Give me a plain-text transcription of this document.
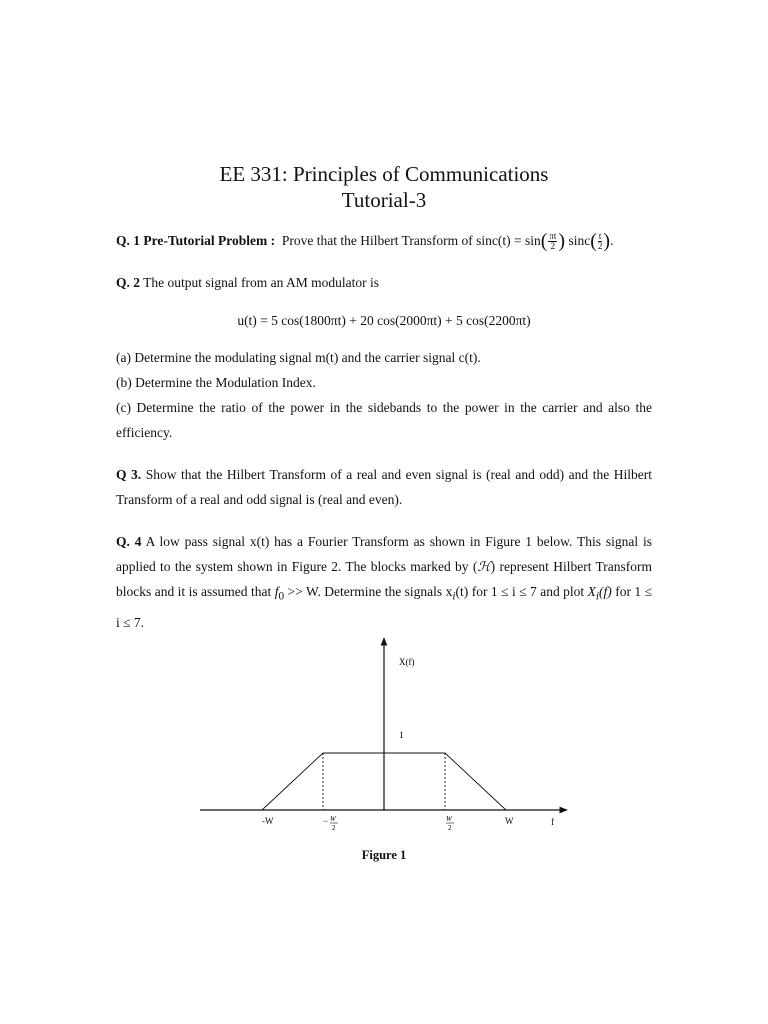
EE 331: Principles of Communications
Tutorial-3
Q. 1 Pre-Tutorial Problem : Prove that the Hilbert Transform of $\sin c(t) = \sin( \frac{\pi t}{2}$ ) $\sin c( \frac{t}{2}$ ).
Q. 2 The output signal from an AM modulator is
u(t) = 5 cos(1800πt) + 20 cos(2000πt) + 5 cos(2200πt)
(a) Determine the modulating signal m(t) and the carrier signal c(t).
(b) Determine the Modulation Index.
(c) Determine the ratio of the power in the sidebands to the power in the carrier and also the efficiency.
Q 3. Show that the Hilbert Transform of a real and even signal is (real and odd) and the Hilbert Transform of a real and odd signal is (real and even).
Q. 4 A low pass signal x(t) has a Fourier Transform as shown in Figure 1 below. This signal is applied to the system shown in Figure 2. The blocks marked by (ℋ) represent Hilbert Transform blocks and it is assumed that $f_0 >> W$. Determine the signals $x_i(t)$ for 1 ≤ i ≤ 7 and plot $X_i(f)$ for 1 ≤ i ≤ 7.
X(f)
1
f
-W	− W
2
W
2
W
Figure 1
